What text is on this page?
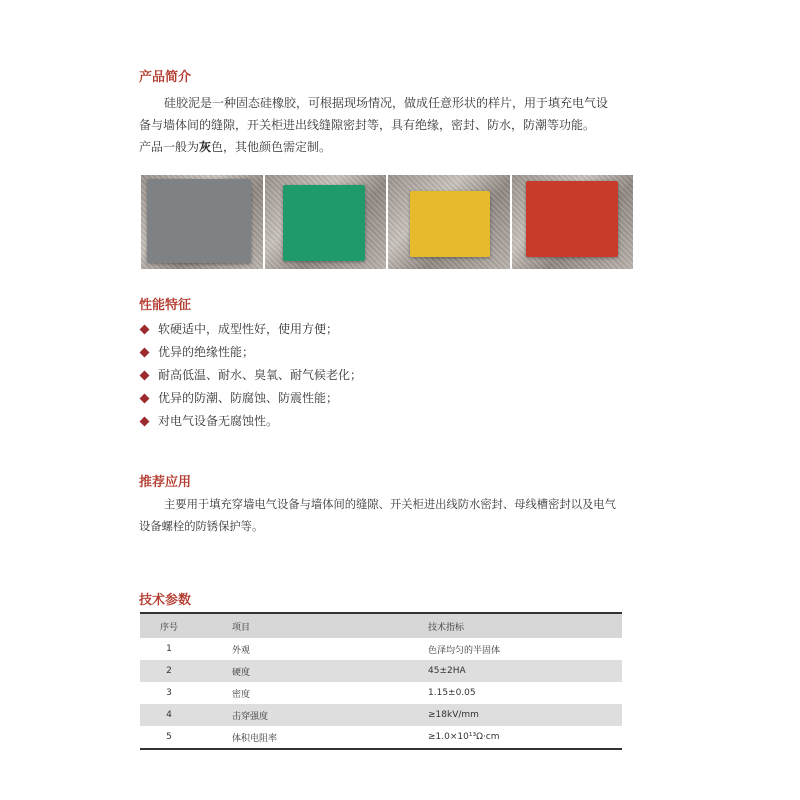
产品简介

硅胶泥是一种固态硅橡胶，可根据现场情况，做成任意形状的样片，用于填充电气设

备与墙体间的缝隙，开关柜进出线缝隙密封等，具有绝缘，密封、防水，防潮等功能。

产品一般为灰色，其他颜色需定制。

性能特征
软硬适中，成型性好，使用方便；
优异的绝缘性能；
耐高低温、耐水、臭氧、耐气候老化；
优异的防潮、防腐蚀、防震性能；
对电气设备无腐蚀性。
推荐应用

主要用于填充穿墙电气设备与墙体间的缝隙、开关柜进出线防水密封、母线槽密封以及电气

设备螺栓的防锈保护等。

技术参数
序号	项目	技术指标
1	外观	色泽均匀的半固体
2	硬度	45±2HA
3	密度	1.15±0.05
4	击穿强度	≥18kV/mm
5	体积电阻率	≥1.0×10¹³Ω·cm
